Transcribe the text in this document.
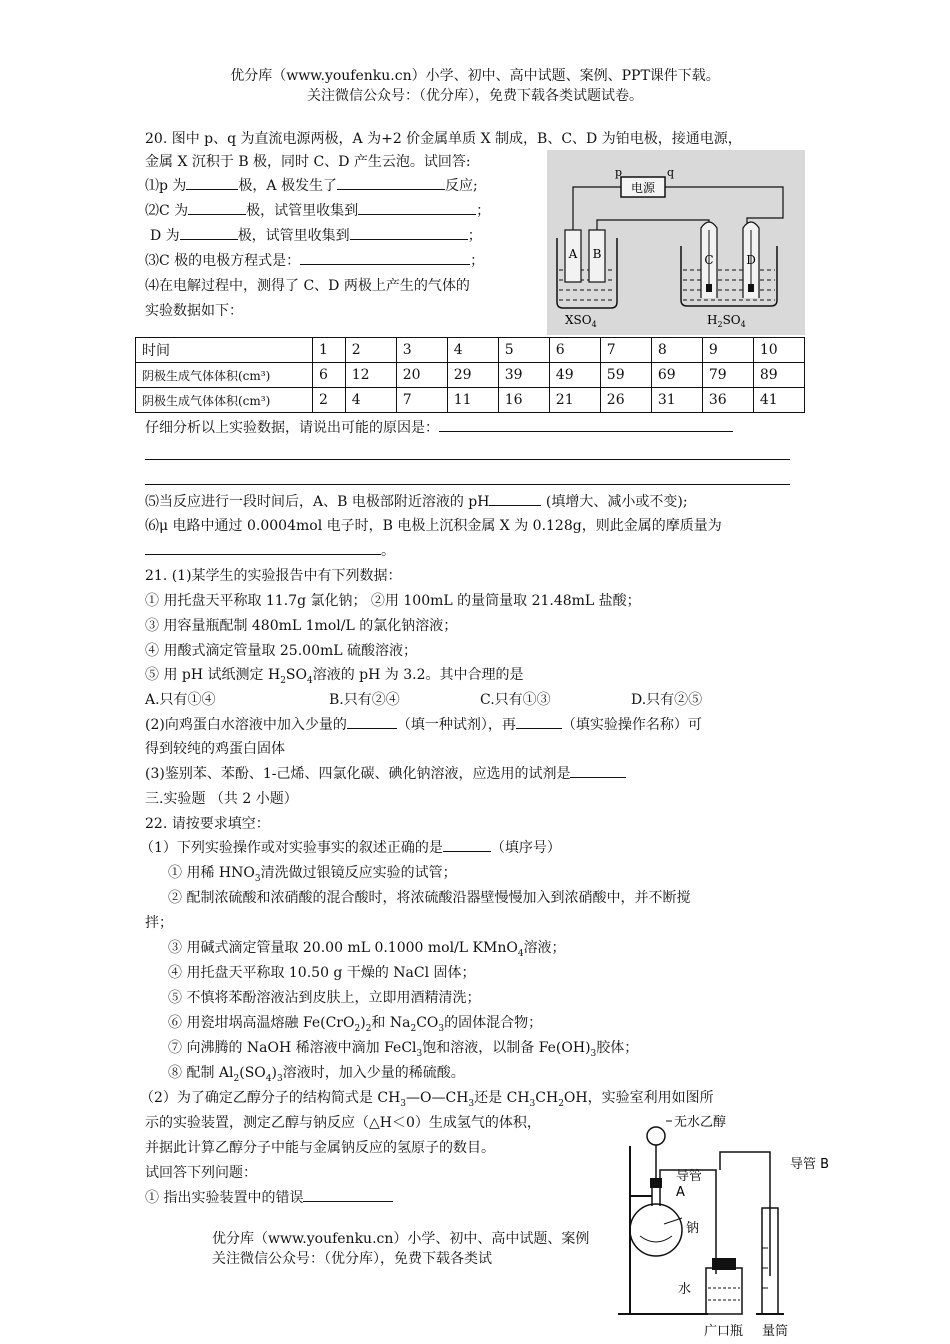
优分库（www.youfenku.cn）小学、初中、高中试题、案例、PPT课件下载。
关注微信公众号：（优分库），免费下载各类试题试卷。
20. 图中 p、q 为直流电源两极，A 为+2 价金属单质 X 制成，B、C、D 为铂电极，接通电源，
金属 X 沉积于 B 极，同时 C、D 产生云泡。试回答:
⑴p 为	极，A 极发生了	反应;
⑵C 为	极，试管里收集到	；
D 为	极，试管里收集到	；
⑶C 极的电极方程式是：	；
⑷在电解过程中，测得了 C、D 两极上产生的气体的
实验数据如下：
电源
p	q
A B
$XSO_4$
C	D
$H_2SO_4$
时间	1	2	3	4	5	6	7	8	9	10
阴极生成气体体积(cm³)	6	12	20	29	39	49	59	69	79	89
阴极生成气体体积(cm³)	2	4	7	11	16	21	26	31	36	41
仔细分析以上实验数据，请说出可能的原因是：
⑸当反应进行一段时间后，A、B 电极部附近溶液的 pH	(填增大、减小或不变);
⑹μ 电路中通过 0.0004mol 电子时，B 电极上沉积金属 X 为 0.128g，则此金属的摩质量为
。
21. (1)某学生的实验报告中有下列数据：
① 用托盘天平称取 11.7g 氯化钠； ②用 100mL 的量筒量取 21.48mL 盐酸；
③ 用容量瓶配制 480mL 1mol/L 的氯化钠溶液；
④ 用酸式滴定管量取 25.00mL 硫酸溶液；
⑤ 用 pH 试纸测定 $H_2SO_4$溶液的 pH 为 3.2。其中合理的是
A.只有①④	B.只有②④	C.只有①③	D.只有②⑤
(2)向鸡蛋白水溶液中加入少量的	（填一种试剂），再	（填实验操作名称）可
得到较纯的鸡蛋白固体
(3)鉴别苯、苯酚、1-己烯、四氯化碳、碘化钠溶液，应选用的试剂是
三.实验题 （共 2 小题）
22. 请按要求填空：
（1）下列实验操作或对实验事实的叙述正确的是	（填序号）
① 用稀 $HNO_3$清洗做过银镜反应实验的试管；
② 配制浓硫酸和浓硝酸的混合酸时，将浓硫酸沿器壁慢慢加入到浓硝酸中，并不断搅
拌；
③ 用碱式滴定管量取 20.00 mL 0.1000 mol/L KMnO$_4$溶液；
④ 用托盘天平称取 10.50 g 干燥的 NaCl 固体；
⑤ 不慎将苯酚溶液沾到皮肤上，立即用酒精清洗；
⑥ 用瓷坩埚高温熔融 $Fe(CrO_2)_2$和 $Na_2CO_3$的固体混合物；
⑦ 向沸腾的 NaOH 稀溶液中滴加 FeCl$_3$饱和溶液，以制备 $Fe(OH)_3$胶体；
⑧ 配制 $Al_2(SO_4)_3$溶液时，加入少量的稀硫酸。
（2）为了确定乙醇分子的结构简式是 $CH_3—O—CH_3$还是 $CH_3CH_2OH$，实验室利用如图所
示的实验装置，测定乙醇与钠反应（△H＜0）生成氢气的体积，
并据此计算乙醇分子中能与金属钠反应的氢原子的数目。
试回答下列问题：
① 指出实验装置中的错误
优分库（www.youfenku.cn）小学、初中、高中试题、案例
关注微信公众号：（优分库），免费下载各类试
无水乙醇
导管 B
导管
A
钠
水
广口瓶 量筒
